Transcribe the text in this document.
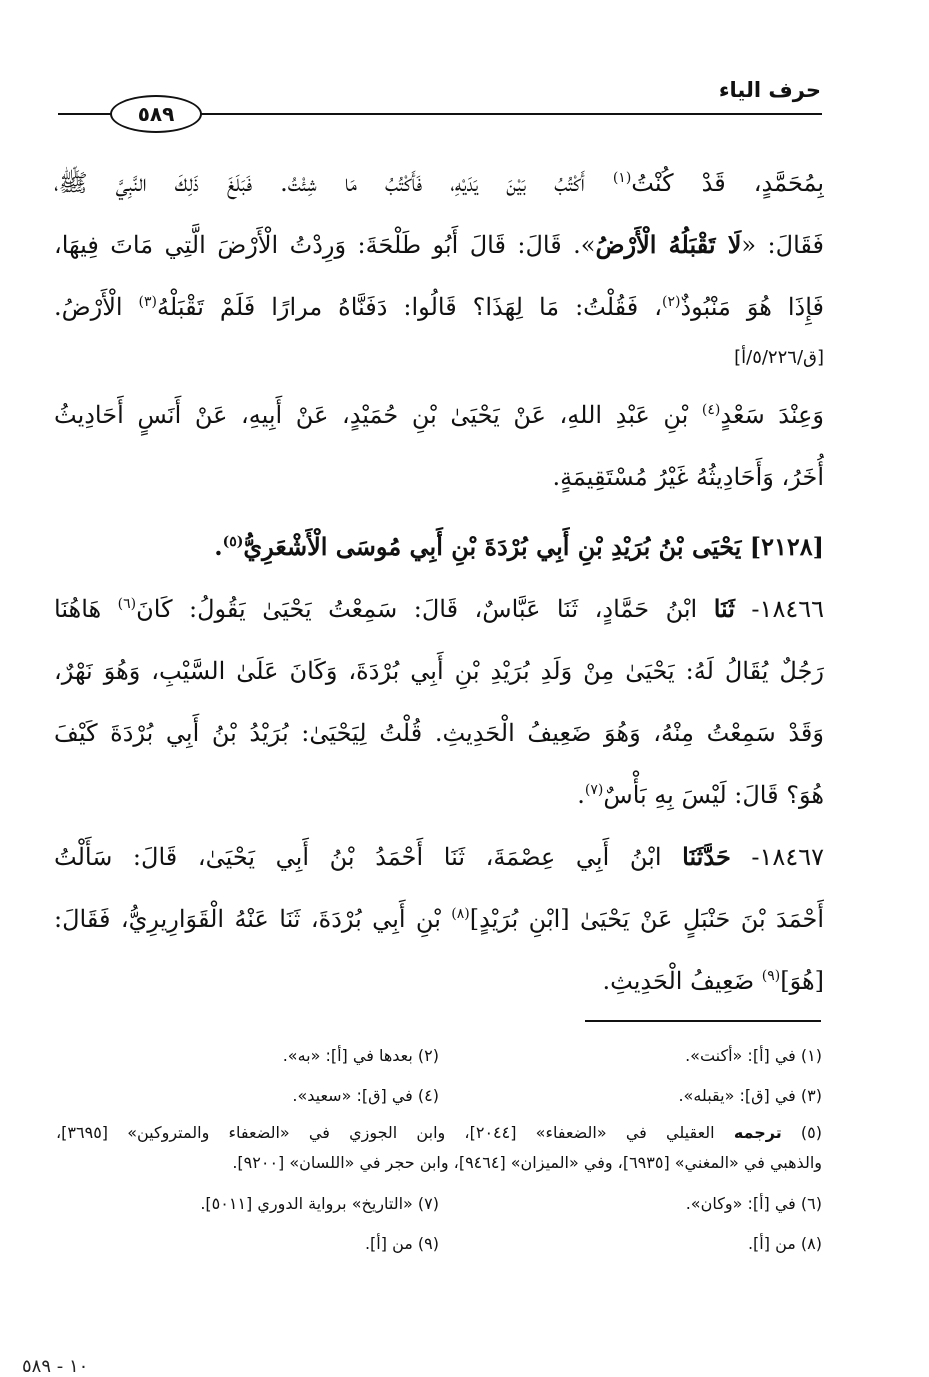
حرف الياء
٥٨٩
بِمُحَمَّدٍ، قَدْ كُنْتُ$^{(١)}$ أَكْتُبُ بَيْنَ يَدَيْهِ، فَأَكْتُبُ مَا شِئْتُ. فَبَلَغَ ذَلِكَ النَّبِيَّ ﷺ،
فَقَالَ: «لَا تَقْبَلُهُ الْأَرْضُ». قَالَ: قَالَ أَبُو طَلْحَةَ: وَرِدْتُ الْأَرْضَ الَّتِي مَاتَ فِيهَا،
فَإِذَا هُوَ مَنْبُوذٌ$^{(٢)}$، فَقُلْتُ: مَا لِهَذَا؟ قَالُوا: دَفَنَّاهُ مرارًا فَلَمْ تَقْبَلْهُ$^{(٣)}$ الْأَرْضُ.
[ق/٥/٢٢٦/أ]
وَعِنْدَ سَعْدٍ$^{(٤)}$ بْنِ عَبْدِ اللهِ، عَنْ يَحْيَىٰ بْنِ حُمَيْدٍ، عَنْ أَبِيهِ، عَنْ أَنَسٍ أَحَادِيثُ
أُخَرُ، وَأَحَادِيثُهُ غَيْرُ مُسْتَقِيمَةٍ.
[٢١٢٨] يَحْيَى بْنُ بُرَيْدِ بْنِ أَبِي بُرْدَةَ بْنِ أَبِي مُوسَى الْأَشْعَرِيُّ$^{(٥)}$.
١٨٤٦٦- ثَنَا ابْنُ حَمَّادٍ، ثَنَا عَبَّاسٌ، قَالَ: سَمِعْتُ يَحْيَىٰ يَقُولُ: كَانَ$^{(٦)}$ هَاهُنَا
رَجُلٌ يُقَالُ لَهُ: يَحْيَىٰ مِنْ وَلَدِ بُرَيْدِ بْنِ أَبِي بُرْدَةَ، وَكَانَ عَلَىٰ السَّيْبِ، وَهُوَ نَهْرٌ،
وَقَدْ سَمِعْتُ مِنْهُ، وَهُوَ ضَعِيفُ الْحَدِيثِ. قُلْتُ لِيَحْيَىٰ: بُرَيْدُ بْنُ أَبِي بُرْدَةَ كَيْفَ
هُوَ؟ قَالَ: لَيْسَ بِهِ بَأْسٌ$^{(٧)}$.
١٨٤٦٧- حَدَّثَنَا ابْنُ أَبِي عِصْمَةَ، ثَنَا أَحْمَدُ بْنُ أَبِي يَحْيَىٰ، قَالَ: سَأَلْتُ
أَحْمَدَ بْنَ حَنْبَلٍ عَنْ يَحْيَىٰ [ابْنِ بُرَيْدٍ]$^{(٨)}$ بْنِ أَبِي بُرْدَةَ، ثَنَا عَنْهُ الْقَوَارِيرِيُّ، فَقَالَ:
[هُوَ]$^{(٩)}$ ضَعِيفُ الْحَدِيثِ.
(١) في [أ]: «أكنت».
(٢) بعدها في [أ]: «به».
(٣) في [ق]: «يقبله».
(٤) في [ق]: «سعيد».
(٥) ترجمه العقيلي في «الضعفاء» [٢٠٤٤]، وابن الجوزي في «الضعفاء والمتروكين» [٣٦٩٥]،
والذهبي في «المغني» [٦٩٣٥]، وفي «الميزان» [٩٤٦٤]، وابن حجر في «اللسان» [٩٢٠٠].
(٦) في [أ]: «وكان».
(٧) «التاريخ» برواية الدوري [٥٠١١].
(٨) من [أ].
(٩) من [أ].
١٠ - ٥٨٩
